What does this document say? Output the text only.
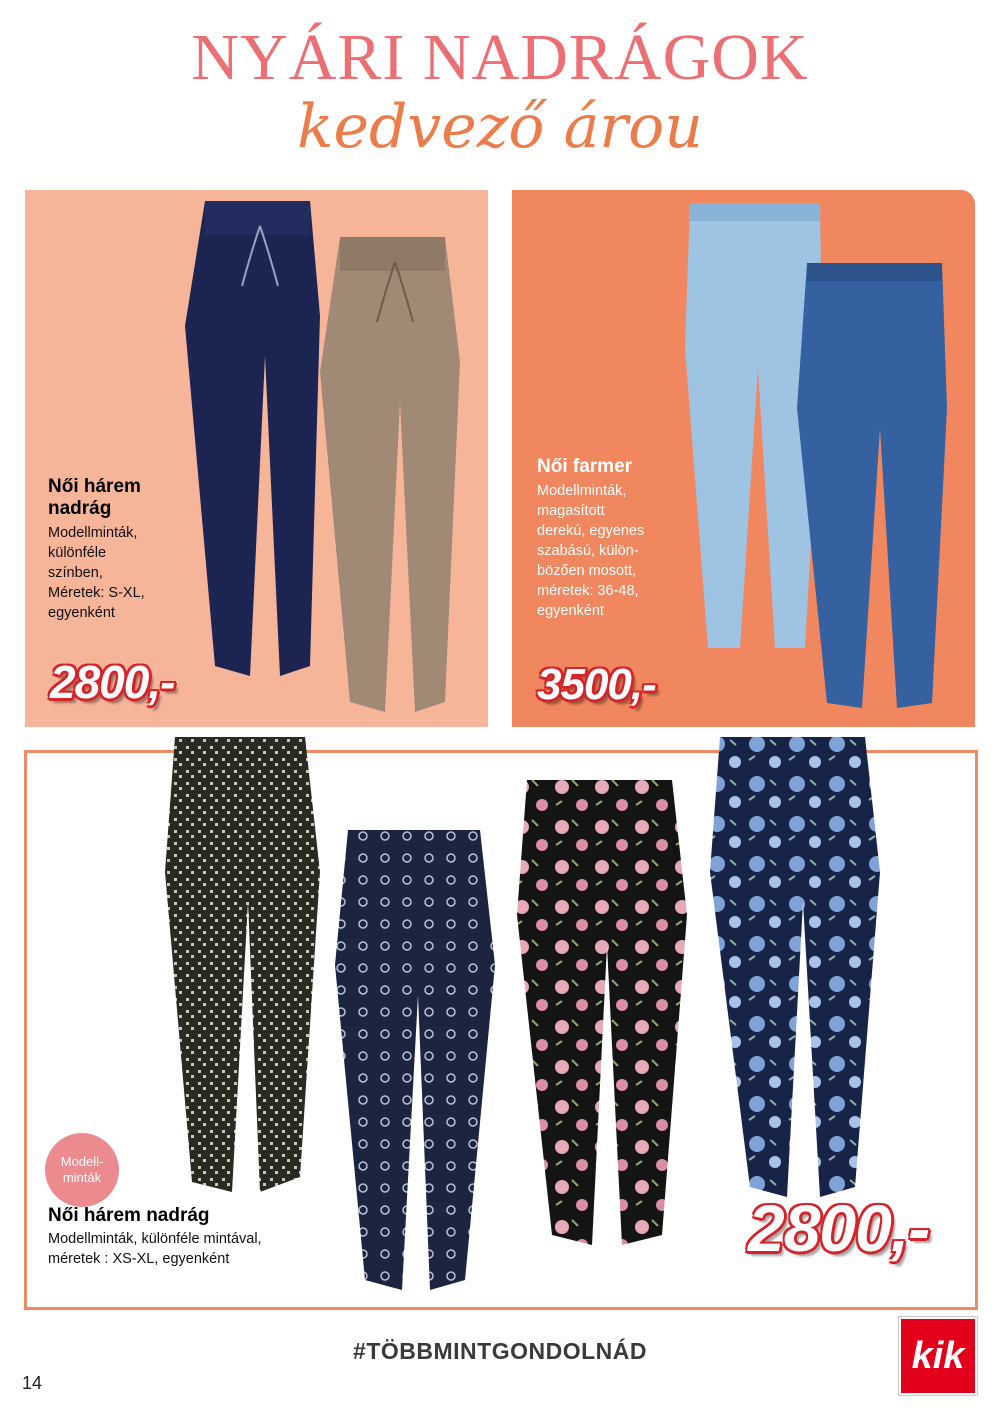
NYÁRI NADRÁGOK
kedvező árou
Női hárem nadrág
Modellminták,
különféle
színben,
Méretek: S-XL,
egyenként
2800,-
Női farmer
Modellminták,
magasított
derekú, egyenes
szabású, külön-
bözően mosott,
méretek: 36-48,
egyenként
3500,-
Modell-
minták
Női hárem nadrág
Modellminták, különféle mintával,
méretek : XS-XL, egyenként	2800,-
#TÖBBMINTGONDOLNÁD
14
kik
